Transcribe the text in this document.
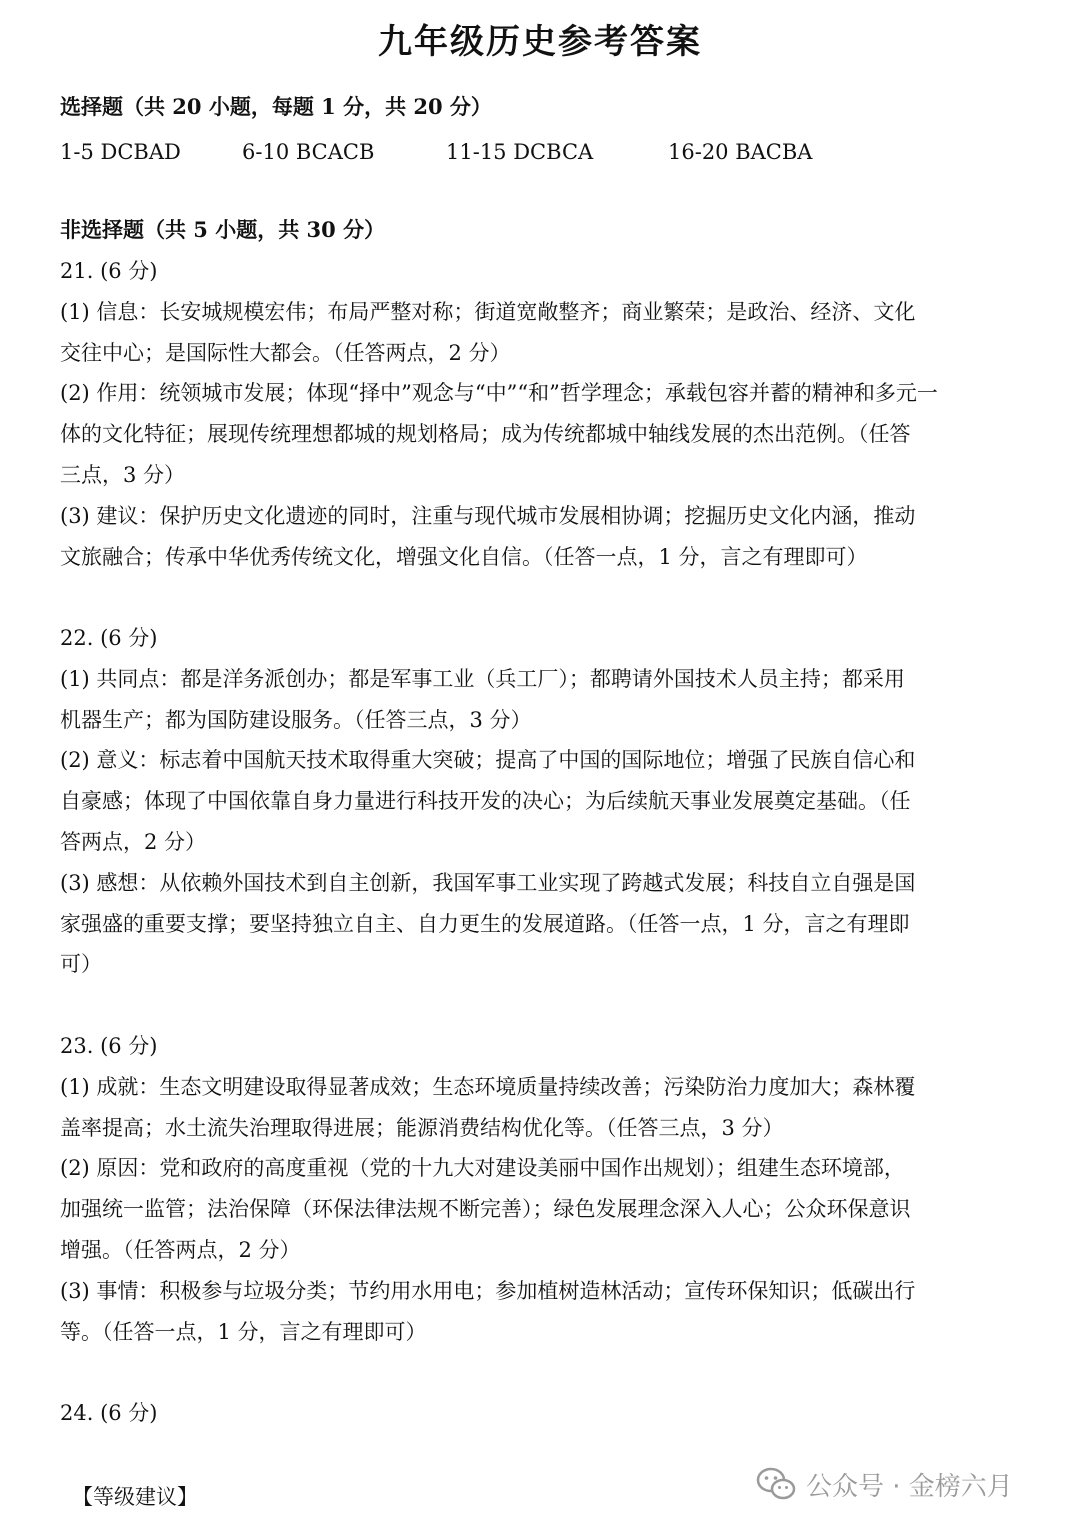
九年级历史参考答案
选择题（共 20 小题，每题 1 分，共 20 分）
1-5 DCBAD	6-10 BCACB	11-15 DCBCA	16-20 BACBA
非选择题（共 5 小题，共 30 分）
21. (6 分)
(1) 信息：长安城规模宏伟；布局严整对称；街道宽敞整齐；商业繁荣；是政治、经济、文化
交往中心；是国际性大都会。（任答两点，2 分）
(2) 作用：统领城市发展；体现“择中”观念与“中”“和”哲学理念；承载包容并蓄的精神和多元一
体的文化特征；展现传统理想都城的规划格局；成为传统都城中轴线发展的杰出范例。（任答
三点，3 分）
(3) 建议：保护历史文化遗迹的同时，注重与现代城市发展相协调；挖掘历史文化内涵，推动
文旅融合；传承中华优秀传统文化，增强文化自信。（任答一点，1 分，言之有理即可）
22. (6 分)
(1) 共同点：都是洋务派创办；都是军事工业（兵工厂）；都聘请外国技术人员主持；都采用
机器生产；都为国防建设服务。（任答三点，3 分）
(2) 意义：标志着中国航天技术取得重大突破；提高了中国的国际地位；增强了民族自信心和
自豪感；体现了中国依靠自身力量进行科技开发的决心；为后续航天事业发展奠定基础。（任
答两点，2 分）
(3) 感想：从依赖外国技术到自主创新，我国军事工业实现了跨越式发展；科技自立自强是国
家强盛的重要支撑；要坚持独立自主、自力更生的发展道路。（任答一点，1 分，言之有理即
可）
23. (6 分)
(1) 成就：生态文明建设取得显著成效；生态环境质量持续改善；污染防治力度加大；森林覆
盖率提高；水土流失治理取得进展；能源消费结构优化等。（任答三点，3 分）
(2) 原因：党和政府的高度重视（党的十九大对建设美丽中国作出规划）；组建生态环境部，
加强统一监管；法治保障（环保法律法规不断完善）；绿色发展理念深入人心；公众环保意识
增强。（任答两点，2 分）
(3) 事情：积极参与垃圾分类；节约用水用电；参加植树造林活动；宣传环保知识；低碳出行
等。（任答一点，1 分，言之有理即可）
24. (6 分)
【等级建议】	公众号 · 金榜六月
